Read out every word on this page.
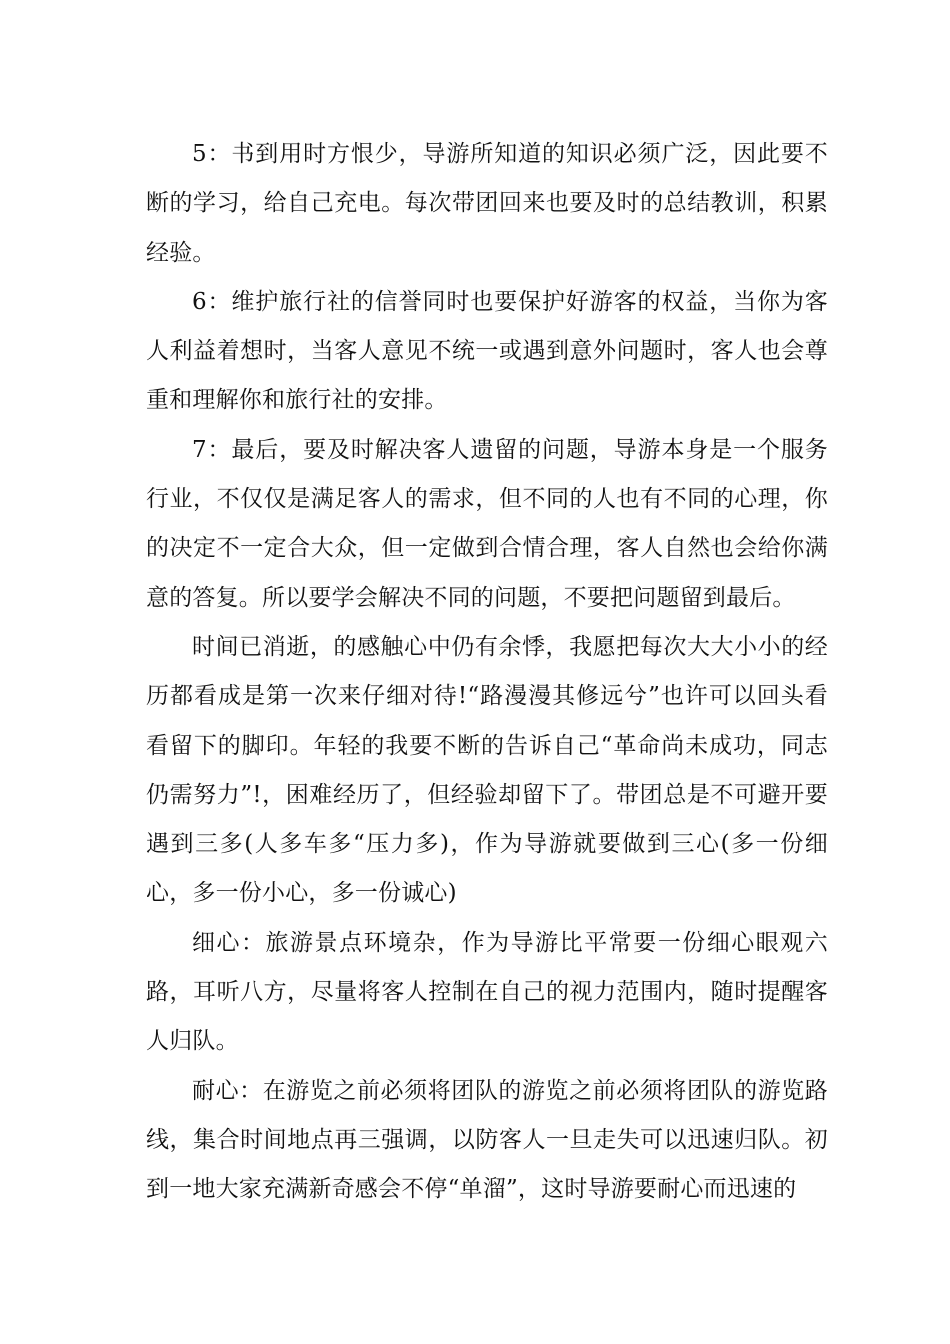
5：书到用时方恨少，导游所知道的知识必须广泛，因此要不断的学习，给自己充电。每次带团回来也要及时的总结教训，积累经验。

6：维护旅行社的信誉同时也要保护好游客的权益，当你为客人利益着想时，当客人意见不统一或遇到意外问题时，客人也会尊重和理解你和旅行社的安排。

7：最后，要及时解决客人遗留的问题，导游本身是一个服务行业，不仅仅是满足客人的需求，但不同的人也有不同的心理，你的决定不一定合大众，但一定做到合情合理，客人自然也会给你满意的答复。所以要学会解决不同的问题，不要把问题留到最后。

时间已消逝，的感触心中仍有余悸，我愿把每次大大小小的经历都看成是第一次来仔细对待!“路漫漫其修远兮”也许可以回头看看留下的脚印。年轻的我要不断的告诉自己“革命尚未成功，同志仍需努力”!，困难经历了，但经验却留下了。带团总是不可避开要遇到三多(人多车多“压力多)，作为导游就要做到三心(多一份细心，多一份小心，多一份诚心)

细心：旅游景点环境杂，作为导游比平常要一份细心眼观六路，耳听八方，尽量将客人控制在自己的视力范围内，随时提醒客人归队。

耐心：在游览之前必须将团队的游览之前必须将团队的游览路线，集合时间地点再三强调，以防客人一旦走失可以迅速归队。初到一地大家充满新奇感会不停“单溜”，这时导游要耐心而迅速的
